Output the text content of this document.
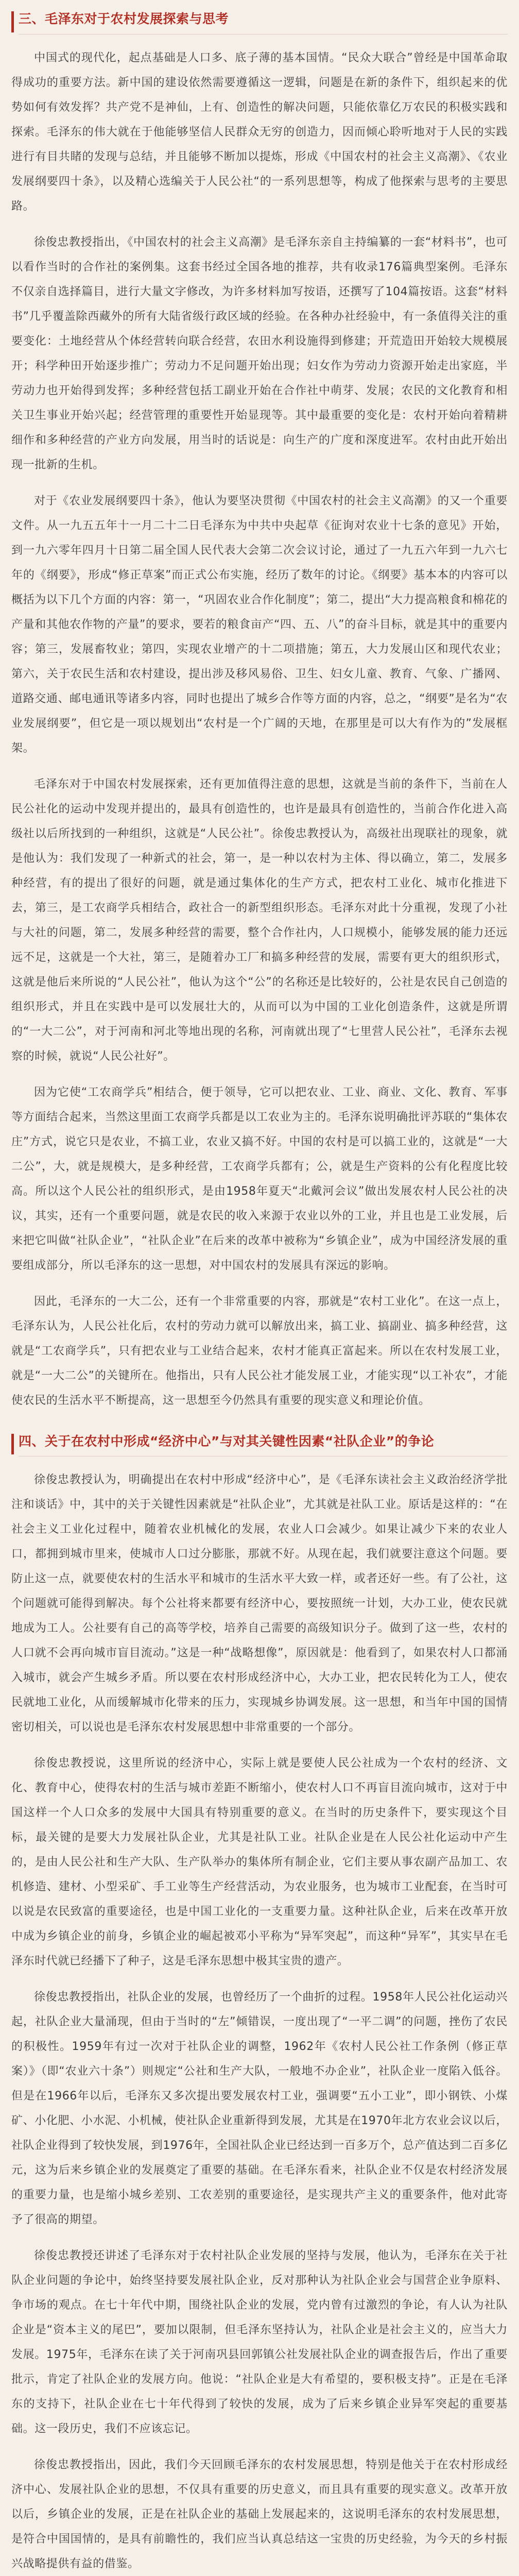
三、毛泽东对于农村发展探索与思考

中国式的现代化，起点基础是人口多、底子薄的基本国情。“民众大联合”曾经是中国革命取得成功的重要方法。新中国的建设依然需要遵循这一逻辑，问题是在新的条件下，组织起来的优势如何有效发挥？共产党不是神仙，上有、创造性的解决问题，只能依靠亿万农民的积极实践和探索。毛泽东的伟大就在于他能够坚信人民群众无穷的创造力，因而倾心聆听地对于人民的实践进行有目共睹的发现与总结，并且能够不断加以提炼，形成《中国农村的社会主义高潮》、《农业发展纲要四十条》，以及精心选编关于人民公社“的一系列思想等，构成了他探索与思考的主要思路。

徐俊忠教授指出，《中国农村的社会主义高潮》是毛泽东亲自主持编纂的一套“材料书”，也可以看作当时的合作社的案例集。这套书经过全国各地的推荐，共有收录176篇典型案例。毛泽东不仅亲自选择篇目，进行大量文字修改，为许多材料加写按语，还撰写了104篇按语。这套“材料书”几乎覆盖除西藏外的所有大陆省级行政区域的经验。在各种办社经验中，有一条值得关注的重要变化：土地经营从个体经营转向联合经营，农田水利设施得到修建；开荒造田开始较大规模展开；科学种田开始逐步推广；劳动力不足问题开始出现；妇女作为劳动力资源开始走出家庭，半劳动力也开始得到发挥；多种经营包括工副业开始在合作社中萌芽、发展；农民的文化教育和相关卫生事业开始兴起；经营管理的重要性开始显现等。其中最重要的变化是：农村开始向着精耕细作和多种经营的产业方向发展，用当时的话说是：向生产的广度和深度进军。农村由此开始出现一批新的生机。

对于《农业发展纲要四十条》，他认为要坚决贯彻《中国农村的社会主义高潮》的又一个重要文件。从一九五五年十一月二十二日毛泽东为中共中央起草《征询对农业十七条的意见》开始，到一九六零年四月十日第二届全国人民代表大会第二次会议讨论，通过了一九五六年到一九六七年的《纲要》，形成“修正草案”而正式公布实施，经历了数年的讨论。《纲要》基本本的内容可以概括为以下几个方面的内容：第一，“巩固农业合作化制度”；第二，提出“大力提高粮食和棉花的产量和其他农作物的产量”的要求，要若的粮食亩产“四、五、八”的奋斗目标，就是其中的重要内容；第三，发展畜牧业；第四，实现农业增产的十二项措施；第五，大力发展山区和现代农业；第六，关于农民生活和农村建设，提出涉及移风易俗、卫生、妇女儿童、教育、气象、广播网、道路交通、邮电通讯等诸多内容，同时也提出了城乡合作等方面的内容，总之，“纲要”是名为“农业发展纲要”，但它是一项以规划出“农村是一个广阔的天地，在那里是可以大有作为的”发展框架。

毛泽东对于中国农村发展探索，还有更加值得注意的思想，这就是当前的条件下，当前在人民公社化的运动中发现并提出的，最具有创造性的，也许是最具有创造性的，当前合作化进入高级社以后所找到的一种组织，这就是“人民公社”。徐俊忠教授认为，高级社出现联社的现象，就是他认为：我们发现了一种新式的社会，第一，是一种以农村为主体、得以确立，第二，发展多种经营，有的提出了很好的问题，就是通过集体化的生产方式，把农村工业化、城市化推进下去，第三，是工农商学兵相结合，政社合一的新型组织形态。毛泽东对此十分重视，发现了小社与大社的问题，第二，发展多种经营的需要，整个合作社内，人口规模小，能够发展的能力还远远不足，这就是一个大社，第三，是随着办工厂和搞多种经营的发展，需要有更大的组织形式，这就是他后来所说的“人民公社”，他认为这个“公”的名称还是比较好的，公社是农民自己创造的组织形式，并且在实践中是可以发展壮大的，从而可以为中国的工业化创造条件，这就是所谓的“一大二公”，对于河南和河北等地出现的名称，河南就出现了“七里营人民公社”，毛泽东去视察的时候，就说“人民公社好”。

因为它使“工农商学兵”相结合，便于领导，它可以把农业、工业、商业、文化、教育、军事等方面结合起来，当然这里面工农商学兵都是以工农业为主的。毛泽东说明确批评苏联的“集体农庄”方式，说它只是农业，不搞工业，农业又搞不好。中国的农村是可以搞工业的，这就是“一大二公”，大，就是规模大，是多种经营，工农商学兵都有；公，就是生产资料的公有化程度比较高。所以这个人民公社的组织形式，是由1958年夏天“北戴河会议”做出发展农村人民公社的决议，其实，还有一个重要问题，就是农民的收入来源于农业以外的工业，并且也是工业发展，后来把它叫做“社队企业”，“社队企业”在后来的改革中被称为“乡镇企业”，成为中国经济发展的重要组成部分，所以毛泽东的这一思想，对中国农村的发展具有深远的影响。

因此，毛泽东的一大二公，还有一个非常重要的内容，那就是“农村工业化”。在这一点上，毛泽东认为，人民公社化后，农村的劳动力就可以解放出来，搞工业、搞副业、搞多种经营，这就是“工农商学兵”，只有把农业与工业结合起来，农村才能真正富起来。所以在农村发展工业，就是“一大二公”的关键所在。他指出，只有人民公社才能发展工业，才能实现“以工补农”，才能使农民的生活水平不断提高，这一思想至今仍然具有重要的现实意义和理论价值。

四、关于在农村中形成“经济中心”与对其关键性因素“社队企业”的争论

徐俊忠教授认为，明确提出在农村中形成“经济中心”，是《毛泽东读社会主义政治经济学批注和谈话》中，其中的关于关键性因素就是“社队企业”，尤其就是社队工业。原话是这样的：“在社会主义工业化过程中，随着农业机械化的发展，农业人口会减少。如果让减少下来的农业人口，都拥到城市里来，使城市人口过分膨胀，那就不好。从现在起，我们就要注意这个问题。要防止这一点，就要使农村的生活水平和城市的生活水平大致一样，或者还好一些。有了公社，这个问题就可能得到解决。每个公社将来都要有经济中心，要按照统一计划，大办工业，使农民就地成为工人。公社要有自己的高等学校，培养自己需要的高级知识分子。做到了这一些，农村的人口就不会再向城市盲目流动。”这是一种“战略想像”，原因就是：他看到了，如果农村人口都涌入城市，就会产生城乡矛盾。所以要在农村形成经济中心，大办工业，把农民转化为工人，使农民就地工业化，从而缓解城市化带来的压力，实现城乡协调发展。这一思想，和当年中国的国情密切相关，可以说也是毛泽东农村发展思想中非常重要的一个部分。

徐俊忠教授说，这里所说的经济中心，实际上就是要使人民公社成为一个农村的经济、文化、教育中心，使得农村的生活与城市差距不断缩小，使农村人口不再盲目流向城市，这对于中国这样一个人口众多的发展中大国具有特别重要的意义。在当时的历史条件下，要实现这个目标，最关键的是要大力发展社队企业，尤其是社队工业。社队企业是在人民公社化运动中产生的，是由人民公社和生产大队、生产队举办的集体所有制企业，它们主要从事农副产品加工、农机修造、建材、小型采矿、手工业等生产经营活动，为农业服务，也为城市工业配套，在当时可以说是农民致富的重要途径，也是中国工业化的一支重要力量。这种社队企业，后来在改革开放中成为乡镇企业的前身，乡镇企业的崛起被邓小平称为“异军突起”，而这种“异军”，其实早在毛泽东时代就已经播下了种子，这是毛泽东思想中极其宝贵的遗产。

徐俊忠教授指出，社队企业的发展，也曾经历了一个曲折的过程。1958年人民公社化运动兴起，社队企业大量涌现，但由于当时的“左”倾错误，一度出现了“一平二调”的问题，挫伤了农民的积极性。1959年有过一次对于社队企业的调整，1962年《农村人民公社工作条例（修正草案）》（即“农业六十条”）则规定“公社和生产大队，一般地不办企业”，社队企业一度陷入低谷。但是在1966年以后，毛泽东又多次提出要发展农村工业，强调要“五小工业”，即小钢铁、小煤矿、小化肥、小水泥、小机械，使社队企业重新得到发展，尤其是在1970年北方农业会议以后，社队企业得到了较快发展，到1976年，全国社队企业已经达到一百多万个，总产值达到二百多亿元，这为后来乡镇企业的发展奠定了重要的基础。在毛泽东看来，社队企业不仅是农村经济发展的重要力量，也是缩小城乡差别、工农差别的重要途径，是实现共产主义的重要条件，他对此寄予了很高的期望。

徐俊忠教授还讲述了毛泽东对于农村社队企业发展的坚持与发展，他认为，毛泽东在关于社队企业问题的争论中，始终坚持要发展社队企业，反对那种认为社队企业会与国营企业争原料、争市场的观点。在七十年代中期，围绕社队企业的发展，党内曾有过激烈的争论，有人认为社队企业是“资本主义的尾巴”，要加以限制，但毛泽东坚持认为，社队企业是社会主义的，应当大力发展。1975年，毛泽东在读了关于河南巩县回郭镇公社发展社队企业的调查报告后，作出了重要批示，肯定了社队企业的发展方向。他说：“社队企业是大有希望的，要积极支持”。正是在毛泽东的支持下，社队企业在七十年代得到了较快的发展，成为了后来乡镇企业异军突起的重要基础。这一段历史，我们不应该忘记。

徐俊忠教授指出，因此，我们今天回顾毛泽东的农村发展思想，特别是他关于在农村形成经济中心、发展社队企业的思想，不仅具有重要的历史意义，而且具有重要的现实意义。改革开放以后，乡镇企业的发展，正是在社队企业的基础上发展起来的，这说明毛泽东的农村发展思想，是符合中国国情的，是具有前瞻性的，我们应当认真总结这一宝贵的历史经验，为今天的乡村振兴战略提供有益的借鉴。
